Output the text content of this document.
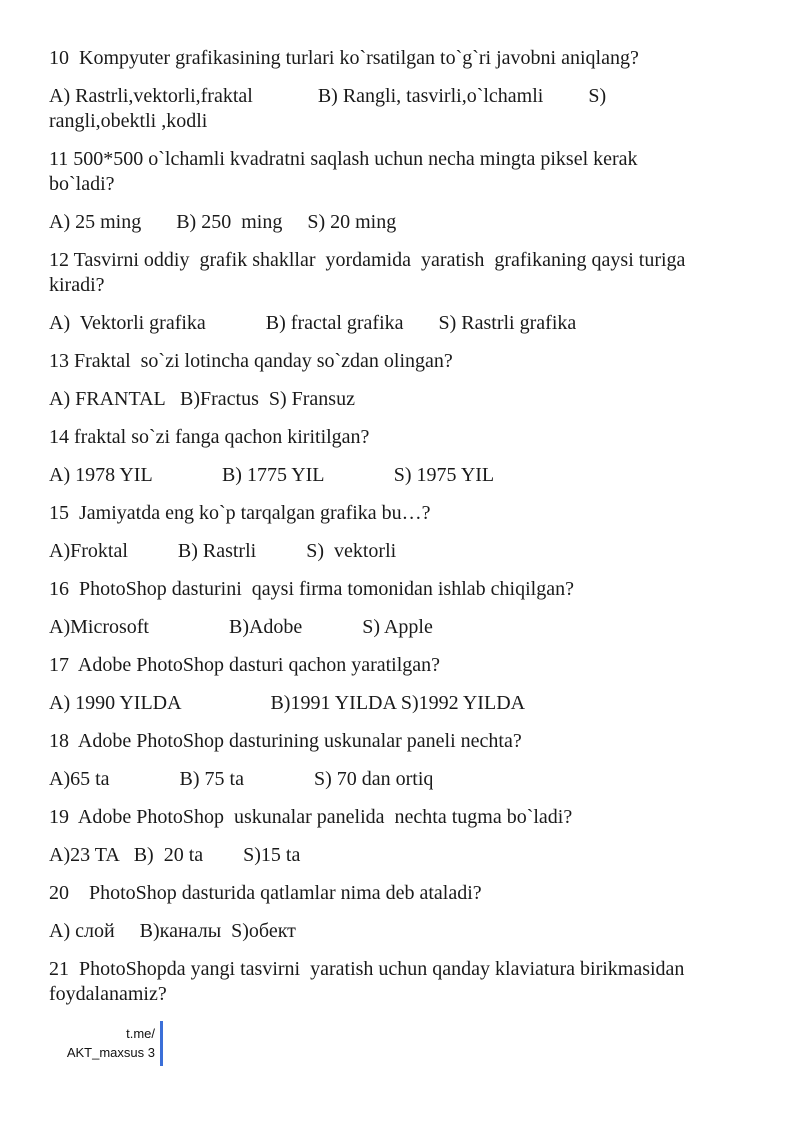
10  Kompyuter grafikasining turlari ko`rsatilgan to`g`ri javobni aniqlang?

A) Rastrli,vektorli,fraktal             B) Rangli, tasvirli,o`lchamli         S)

rangli,obektli ,kodli

11 500*500 o`lchamli kvadratni saqlash uchun necha mingta piksel kerak

bo`ladi?

A) 25 ming       B) 250  ming     S) 20 ming

12 Tasvirni oddiy  grafik shakllar  yordamida  yaratish  grafikaning qaysi turiga

kiradi?

A)  Vektorli grafika            B) fractal grafika       S) Rastrli grafika

13 Fraktal  so`zi lotincha qanday so`zdan olingan?

A) FRANTAL   B)Fractus  S) Fransuz

14 fraktal so`zi fanga qachon kiritilgan?

A) 1978 YIL              B) 1775 YIL              S) 1975 YIL

15  Jamiyatda eng ko`p tarqalgan grafika bu…?

A)Froktal          B) Rastrli          S)  vektorli

16  PhotoShop dasturini  qaysi firma tomonidan ishlab chiqilgan?

A)Microsoft                B)Adobe            S) Apple

17  Adobe PhotoShop dasturi qachon yaratilgan?

A) 1990 YILDA                  B)1991 YILDA S)1992 YILDA

18  Adobe PhotoShop dasturining uskunalar paneli nechta?

A)65 ta              B) 75 ta              S) 70 dan ortiq

19  Adobe PhotoShop  uskunalar panelida  nechta tugma bo`ladi?

A)23 TA   B)  20 ta        S)15 ta

20    PhotoShop dasturida qatlamlar nima deb ataladi?

A) слой     B)каналы  S)обект

21  PhotoShopda yangi tasvirni  yaratish uchun qanday klaviatura birikmasidan

foydalanamiz?

t.me/
AKT_maxsus 3
